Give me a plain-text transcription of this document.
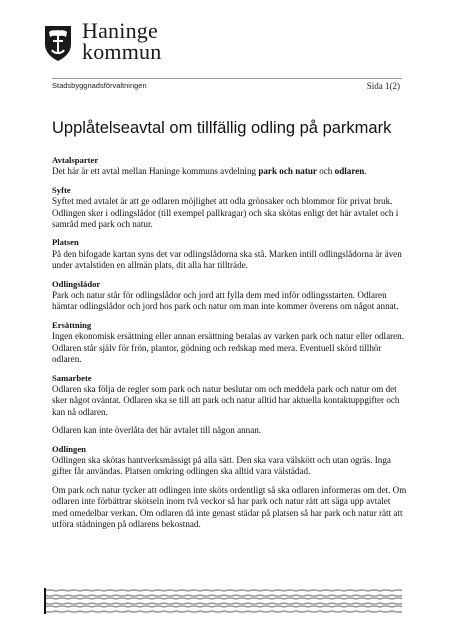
Haninge
kommun
Stadsbyggnadsförvaltningen	Sida 1(2)
Upplåtelseavtal om tillfällig odling på parkmark
Avtalsparter

Det här är ett avtal mellan Haninge kommuns avdelning park och natur och odlaren.

Syfte

Syftet med avtalet är att ge odlaren möjlighet att odla grönsaker och blommor för privat bruk. Odlingen sker i odlingslådor (till exempel pallkragar) och ska skötas enligt det här avtalet och i samråd med park och natur.

Platsen

På den bifogade kartan syns det var odlingslådorna ska stå. Marken intill odlingslådorna är även under avtalstiden en allmän plats, dit alla har tillträde.

Odlingslådor

Park och natur står för odlingslådor och jord att fylla dem med inför odlingsstarten. Odlaren hämtar odlingslådor och jord hos park och natur om man inte kommer överens om något annat.

Ersättning

Ingen ekonomisk ersättning eller annan ersättning betalas av varken park och natur eller odlaren. Odlaren står själv för frön, plantor, gödning och redskap med mera. Eventuell skörd tillhör odlaren.

Samarbete

Odlaren ska följa de regler som park och natur beslutar om och meddela park och natur om det sker något oväntat. Odlaren ska se till att park och natur alltid har aktuella kontaktuppgifter och kan nå odlaren.

Odlaren kan inte överlåta det här avtalet till någon annan.

Odlingen

Odlingen ska skötas hantverksmässigt på alla sätt. Den ska vara välskött och utan ogräs. Inga gifter får användas. Platsen omkring odlingen ska alltid vara välstädad.

Om park och natur tycker att odlingen inte sköts ordentligt så ska odlaren informeras om det. Om odlaren inte förbättrar skötseln inom två veckor så har park och natur rätt att säga upp avtalet med omedelbar verkan. Om odlaren då inte genast städar på platsen så har park och natur rätt att utföra städningen på odlarens bekostnad.
